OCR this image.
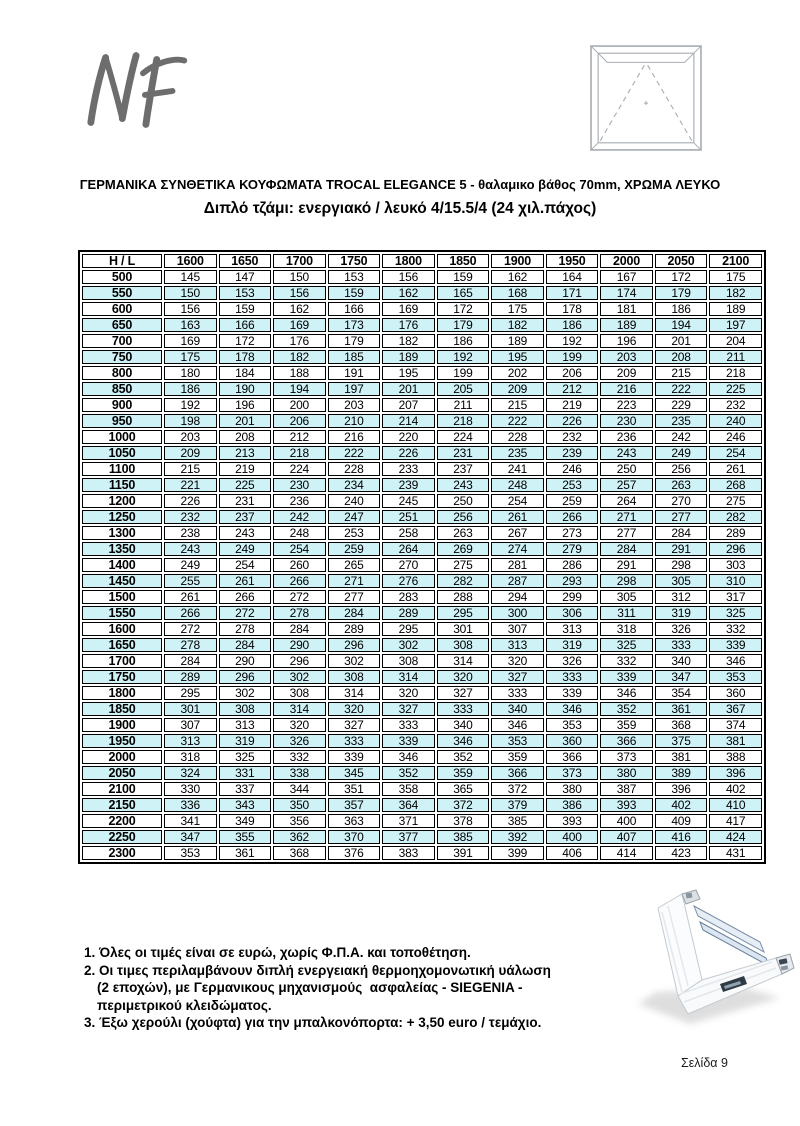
ΓΕΡΜΑΝΙΚΑ ΣΥΝΘΕΤΙΚΑ ΚΟΥΦΩΜΑΤΑ TROCAL ELEGANCE 5 - θαλαμικο βάθος 70mm, ΧΡΩΜΑ ΛΕΥΚΟ
Διπλό τζάμι: ενεργιακό / λευκό 4/15.5/4 (24 χιλ.πάχος)
H / L	1600	1650	1700	1750	1800	1850	1900	1950	2000	2050	2100
500	145	147	150	153	156	159	162	164	167	172	175
550	150	153	156	159	162	165	168	171	174	179	182
600	156	159	162	166	169	172	175	178	181	186	189
650	163	166	169	173	176	179	182	186	189	194	197
700	169	172	176	179	182	186	189	192	196	201	204
750	175	178	182	185	189	192	195	199	203	208	211
800	180	184	188	191	195	199	202	206	209	215	218
850	186	190	194	197	201	205	209	212	216	222	225
900	192	196	200	203	207	211	215	219	223	229	232
950	198	201	206	210	214	218	222	226	230	235	240
1000	203	208	212	216	220	224	228	232	236	242	246
1050	209	213	218	222	226	231	235	239	243	249	254
1100	215	219	224	228	233	237	241	246	250	256	261
1150	221	225	230	234	239	243	248	253	257	263	268
1200	226	231	236	240	245	250	254	259	264	270	275
1250	232	237	242	247	251	256	261	266	271	277	282
1300	238	243	248	253	258	263	267	273	277	284	289
1350	243	249	254	259	264	269	274	279	284	291	296
1400	249	254	260	265	270	275	281	286	291	298	303
1450	255	261	266	271	276	282	287	293	298	305	310
1500	261	266	272	277	283	288	294	299	305	312	317
1550	266	272	278	284	289	295	300	306	311	319	325
1600	272	278	284	289	295	301	307	313	318	326	332
1650	278	284	290	296	302	308	313	319	325	333	339
1700	284	290	296	302	308	314	320	326	332	340	346
1750	289	296	302	308	314	320	327	333	339	347	353
1800	295	302	308	314	320	327	333	339	346	354	360
1850	301	308	314	320	327	333	340	346	352	361	367
1900	307	313	320	327	333	340	346	353	359	368	374
1950	313	319	326	333	339	346	353	360	366	375	381
2000	318	325	332	339	346	352	359	366	373	381	388
2050	324	331	338	345	352	359	366	373	380	389	396
2100	330	337	344	351	358	365	372	380	387	396	402
2150	336	343	350	357	364	372	379	386	393	402	410
2200	341	349	356	363	371	378	385	393	400	409	417
2250	347	355	362	370	377	385	392	400	407	416	424
2300	353	361	368	376	383	391	399	406	414	423	431
1. Όλες οι τιμές είναι σε ευρώ, χωρίς Φ.Π.Α. και τοποθέτηση.
2. Οι τιμες περιλαμβάνουν διπλή ενεργειακή θερμοηχομονωτική υάλωση
(2 εποχών), με Γερμανικους μηχανισμούς  ασφαλείας - SIEGENIA -
περιμετρικού κλειδώματος.
3. Έξω χερούλι (χούφτα) για την μπαλκονόπορτα: + 3,50 euro / τεμάχιο.
Σελίδα 9
